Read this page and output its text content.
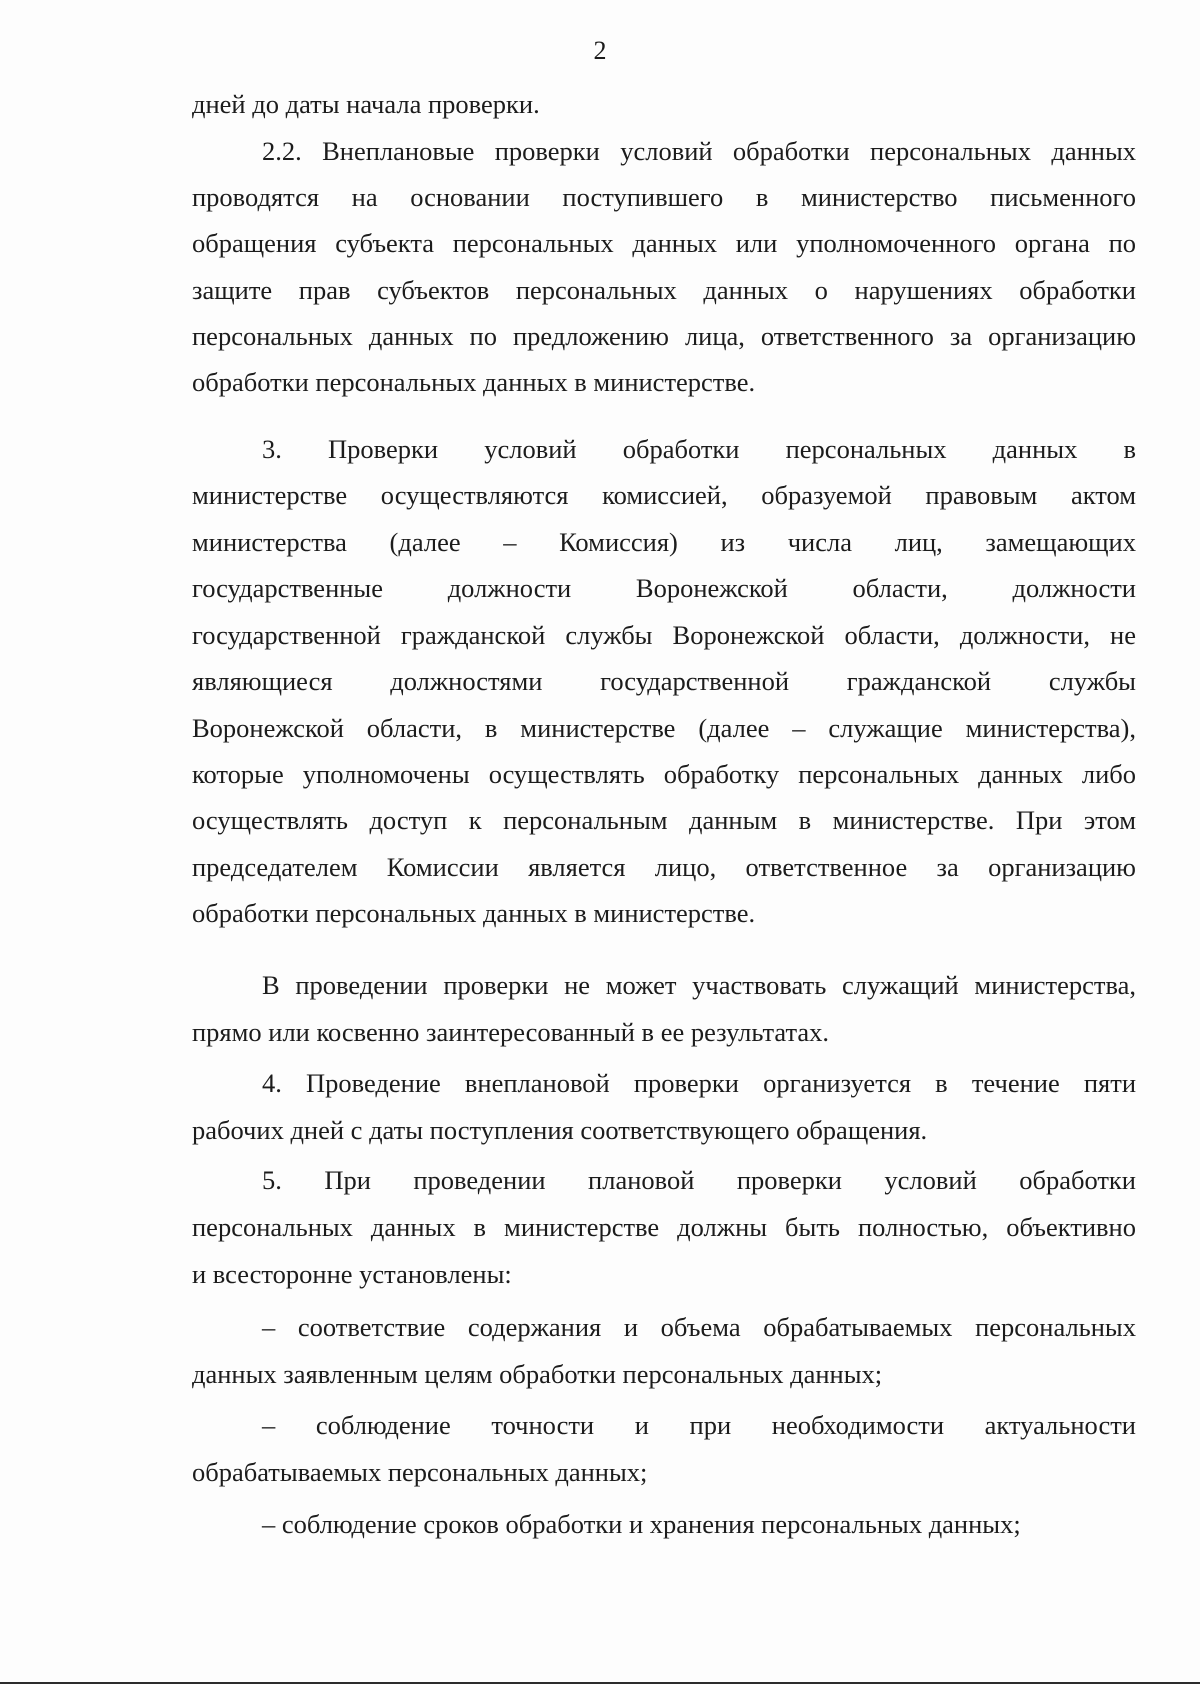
2
дней до даты начала проверки.
2.2. Внеплановые проверки условий обработки персональных данных
проводятся на основании поступившего в министерство письменного
обращения субъекта персональных данных или уполномоченного органа по
защите прав субъектов персональных данных о нарушениях обработки
персональных данных по предложению лица, ответственного за организацию
обработки персональных данных в министерстве.
3. Проверки условий обработки персональных данных в
министерстве осуществляются комиссией, образуемой правовым актом
министерства (далее – Комиссия) из числа лиц, замещающих
государственные должности Воронежской области, должности
государственной гражданской службы Воронежской области, должности, не
являющиеся должностями государственной гражданской службы
Воронежской области, в министерстве (далее – служащие министерства),
которые уполномочены осуществлять обработку персональных данных либо
осуществлять доступ к персональным данным в министерстве. При этом
председателем Комиссии является лицо, ответственное за организацию
обработки персональных данных в министерстве.
В проведении проверки не может участвовать служащий министерства,
прямо или косвенно заинтересованный в ее результатах.
4. Проведение внеплановой проверки организуется в течение пяти
рабочих дней с даты поступления соответствующего обращения.
5. При проведении плановой проверки условий обработки
персональных данных в министерстве должны быть полностью, объективно
и всесторонне установлены:
– соответствие содержания и объема обрабатываемых персональных
данных заявленным целям обработки персональных данных;
– соблюдение точности и при необходимости актуальности
обрабатываемых персональных данных;
– соблюдение сроков обработки и хранения персональных данных;
